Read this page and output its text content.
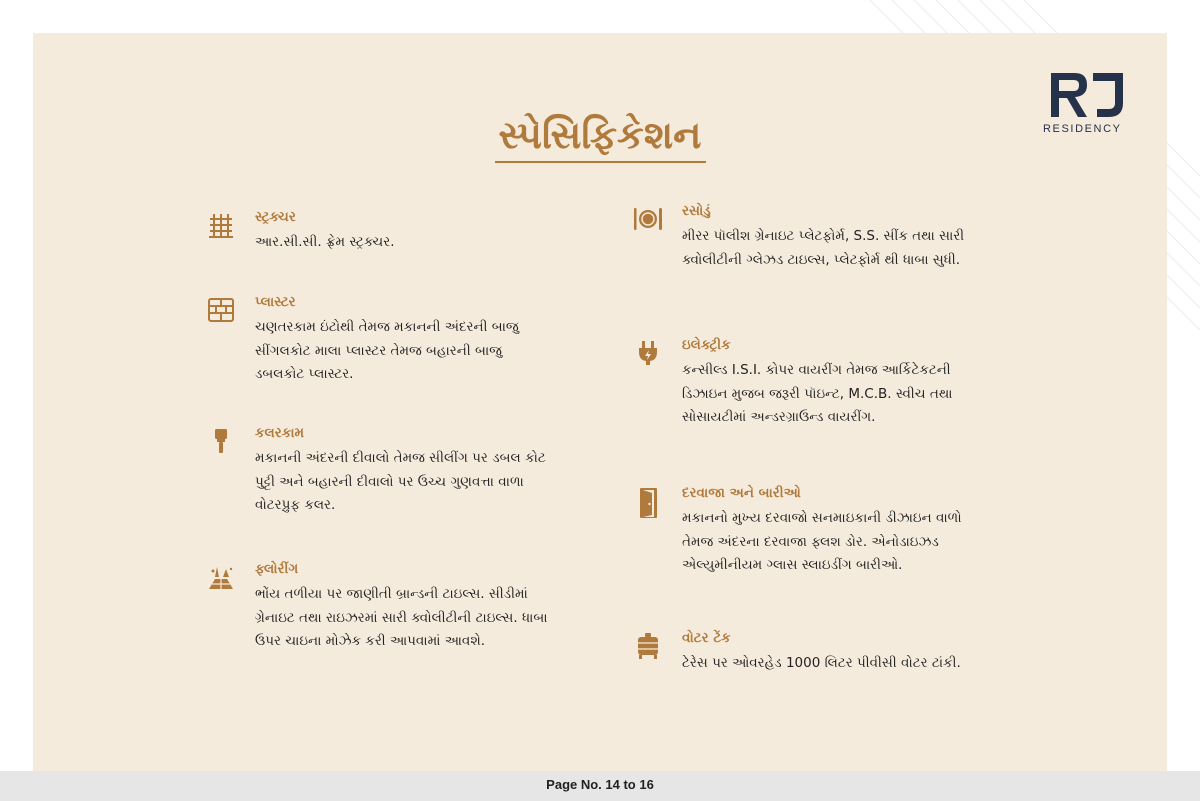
RESIDENCY
સ્પેસિફિકેશન
સ્ટ્રક્ચર
આર.સી.સી. ફ્રેમ સ્ટ્રક્ચર.
પ્લાસ્ટર
ચણતરકામ ઇંટોથી તેમજ મકાનની અંદરની બાજુ સીંગલકોટ માલા પ્લાસ્ટર તેમજ બહારની બાજુ ડબલકોટ પ્લાસ્ટર.
કલરકામ
મકાનની અંદરની દીવાલો તેમજ સીલીંગ પર ડબલ કોટ પુટ્ટી અને બહારની દીવાલો પર ઉચ્ચ ગુણવત્તા વાળા વોટરપ્રુફ કલર.
ફ્લોરીંગ
ભોંય તળીયા પર જાણીતી બ્રાન્ડની ટાઇલ્સ. સીડીમાં ગ્રેનાઇટ તથા રાઇઝરમાં સારી ક્વોલીટીની ટાઇલ્સ. ધાબા ઉપર ચાઇના મોઝેક કરી આપવામાં આવશે.
રસોડું
મીરર પૉલીશ ગ્રેનાઇટ પ્લેટફોર્મ, S.S. સીંક તથા સારી ક્વોલીટીની ગ્લેઝડ ટાઇલ્સ, પ્લેટફોર્મ થી ધાબા સુધી.
ઇલેક્ટ્રીક
કન્સીલ્ડ I.S.I. કોપર વાયરીંગ તેમજ આર્કિટેકટની ડિઝાઇન મુજબ જરૂરી પૉઇન્ટ, M.C.B. સ્વીચ તથા સોસાયટીમાં અન્ડરગ્રાઉન્ડ વાયરીંગ.
દરવાજા અને બારીઓ
મકાનનો મુખ્ય દરવાજો સનમાઇકાની ડીઝાઇન વાળો તેમજ અંદરના દરવાજા ફ્લશ ડોર. એનોડાઇઝડ એલ્યુમીનીયમ ગ્લાસ સ્લાઇડીંગ બારીઓ.
વોટર ટેંક
ટેરેસ પર ઓવરહેડ 1000 લિટર પીવીસી વોટર ટાંકી.
Page No. 14 to 16
